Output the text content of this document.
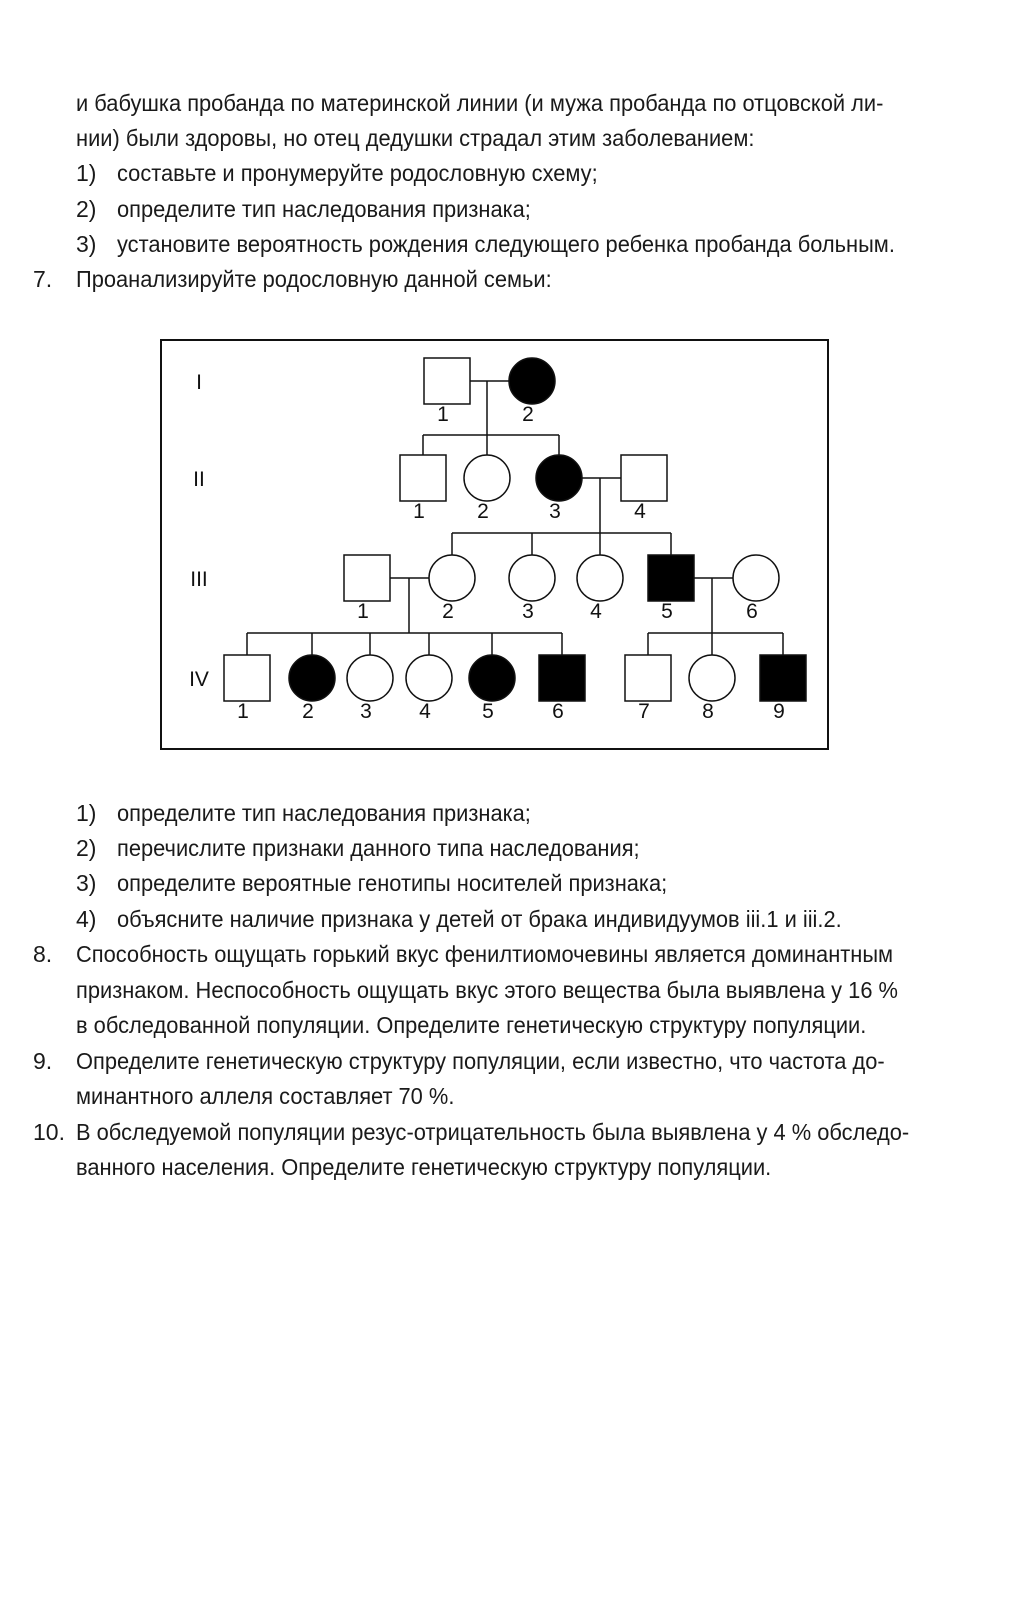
и бабушка пробанда по материнской линии (и мужа пробанда по отцовской ли-
нии) были здоровы, но отец дедушки страдал этим заболеванием:
1) составьте и пронумеруйте родословную схему;
2) определите тип наследования признака;
3) установите вероятность рождения следующего ребенка пробанда больным.
7. Проанализируйте родословную данной семьи:
I
II
III
IV
1	2
1 2	3	4
1	2	3	4	5	6
1	2 3 4 5	6	7 8	9
1) определите тип наследования признака;
2) перечислите признаки данного типа наследования;
3) определите вероятные генотипы носителей признака;
4) объясните наличие признака у детей от брака индивидуумов iii.1 и iii.2.
8. Способность ощущать горький вкус фенилтиомочевины является доминантным
признаком. Неспособность ощущать вкус этого вещества была выявлена у 16 %
в обследованной популяции. Определите генетическую структуру популяции.
9. Определите генетическую структуру популяции, если известно, что частота до-
минантного аллеля составляет 70 %.
10. В обследуемой популяции резус-отрицательность была выявлена у 4 % обследо-
ванного населения. Определите генетическую структуру популяции.
